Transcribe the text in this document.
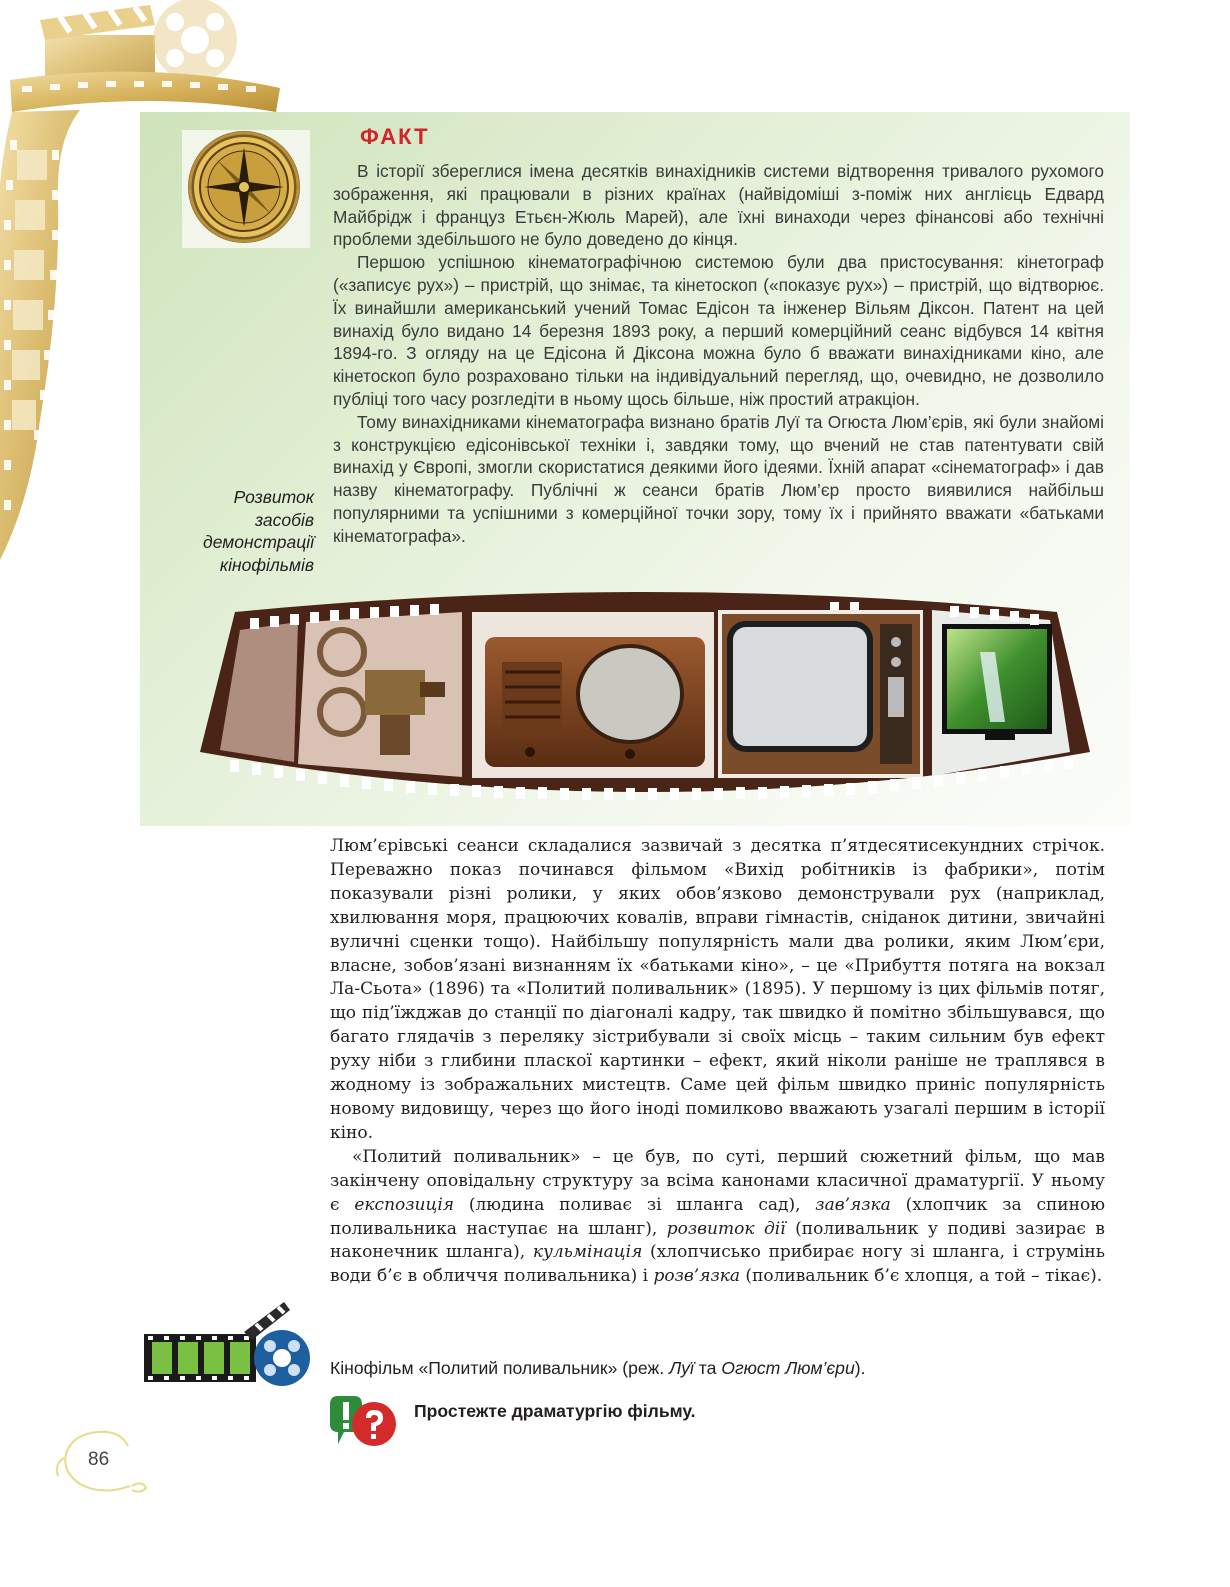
ФАКТ

В історії збереглися імена десятків винахідників системи відтворення тривалого рухомого зображення, які працювали в різних країнах (найвідоміші з-поміж них англієць Едвард Майбрідж і француз Етьєн-Жюль Марей), але їхні винаходи через фінансові або технічні проблеми здебільшого не було доведено до кінця.

Першою успішною кінематографічною системою були два пристосування: кінетограф («записує рух») – пристрій, що знімає, та кінетоскоп («показує рух») – пристрій, що відтворює. Їх винайшли американський учений Томас Едісон та інженер Вільям Діксон. Патент на цей винахід було видано 14 березня 1893 року, а перший комерційний сеанс відбувся 14 квітня 1894-го. З огляду на це Едісона й Діксона можна було б вважати винахідниками кіно, але кінетоскоп було розраховано тільки на індивідуальний перегляд, що, очевидно, не дозволило публіці того часу розгледіти в ньому щось більше, ніж простий атракціон.

Тому винахідниками кінематографа визнано братів Луї та Огюста Люм’єрів, які були знайомі з конструкцією едісонівської техніки і, завдяки тому, що вчений не став патентувати свій винахід у Європі, змогли скористатися деякими його ідеями. Їхній апарат «сінематограф» і дав назву кінематографу. Публічні ж сеанси братів Люм’єр просто виявилися найбільш популярними та успішними з комерційної точки зору, тому їх і прийнято вважати «батьками кінематографа».

Розвиток засобів демонстрації кінофільмів

Люм’єрівські сеанси складалися зазвичай з десятка п’ятдесятисекундних стрічок. Переважно показ починався фільмом «Вихід робітників із фабрики», потім показували різні ролики, у яких обов’язково демонстрували рух (наприклад, хвилювання моря, працюючих ковалів, вправи гімнастів, сніданок дитини, звичайні вуличні сценки тощо). Найбільшу популярність мали два ролики, яким Люм’єри, власне, зобов’язані визнанням їх «батьками кіно», – це «Прибуття потяга на вокзал Ла-Сьота» (1896) та «Политий поливальник» (1895). У першому із цих фільмів потяг, що під’їжджав до станції по діагоналі кадру, так швидко й помітно збільшувався, що багато глядачів з переляку зістрибували зі своїх місць – таким сильним був ефект руху ніби з глибини пласкої картинки – ефект, який ніколи раніше не траплявся в жодному із зображальних мистецтв. Саме цей фільм швидко приніс популярність новому видовищу, через що його іноді помилково вважають узагалі першим в історії кіно.

«Политий поливальник» – це був, по суті, перший сюжетний фільм, що мав закінчену оповідальну структуру за всіма канонами класичної драматургії. У ньому є експозиція (людина поливає зі шланга сад), зав’язка (хлопчик за спиною поливальника наступає на шланг), розвиток дії (поливальник у подиві зазирає в наконечник шланга), кульмінація (хлопчисько прибирає ногу зі шланга, і струмінь води б’є в обличчя поливальника) і розв’язка (поливальник б’є хлопця, а той – тікає).

Кінофільм «Политий поливальник» (реж. Луї та Огюст Люм’єри).
Простежте драматургію фільму.
86
